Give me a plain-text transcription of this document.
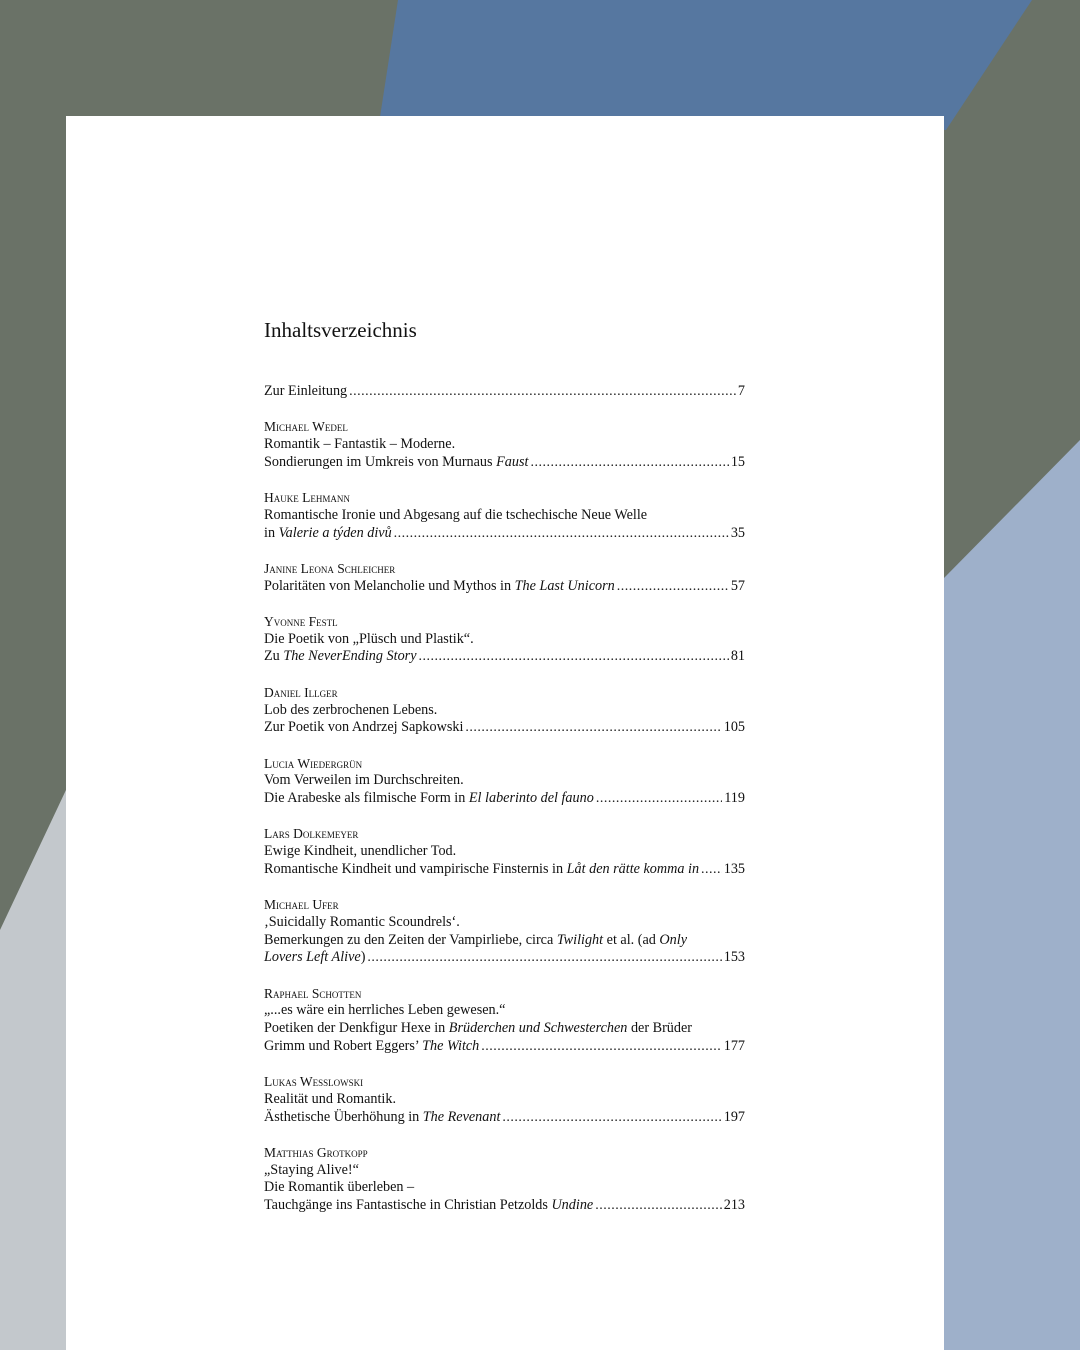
Inhaltsverzeichnis
Zur Einleitung .....	7
Michael Wedel
Romantik – Fantastik – Moderne.
Sondierungen im Umkreis von Murnaus Faust .....	15
Hauke Lehmann
Romantische Ironie und Abgesang auf die tschechische Neue Welle
in Valerie a týden divů .....	35
Janine Leona Schleicher
Polaritäten von Melancholie und Mythos in The Last Unicorn .....	57
Yvonne Festl
Die Poetik von „Plüsch und Plastik“.
Zu The NeverEnding Story .....	81
Daniel Illger
Lob des zerbrochenen Lebens.
Zur Poetik von Andrzej Sapkowski .....	105
Lucia Wiedergrün
Vom Verweilen im Durchschreiten.
Die Arabeske als filmische Form in El laberinto del fauno .....	119
Lars Dolkemeyer
Ewige Kindheit, unendlicher Tod.
Romantische Kindheit und vampirische Finsternis in Låt den rätte komma in ..... 135
Michael Ufer
‚Suicidally Romantic Scoundrels‘.
Bemerkungen zu den Zeiten der Vampirliebe, circa Twilight et al. (ad Only
Lovers Left Alive) .....	153
Raphael Schotten
„...es wäre ein herrliches Leben gewesen.“
Poetiken der Denkfigur Hexe in Brüderchen und Schwesterchen der Brüder
Grimm und Robert Eggers’ The Witch .....	177
Lukas Wesslowski
Realität und Romantik.
Ästhetische Überhöhung in The Revenant .....	197
Matthias Grotkopp
„Staying Alive!“
Die Romantik überleben –
Tauchgänge ins Fantastische in Christian Petzolds Undine .....	213
